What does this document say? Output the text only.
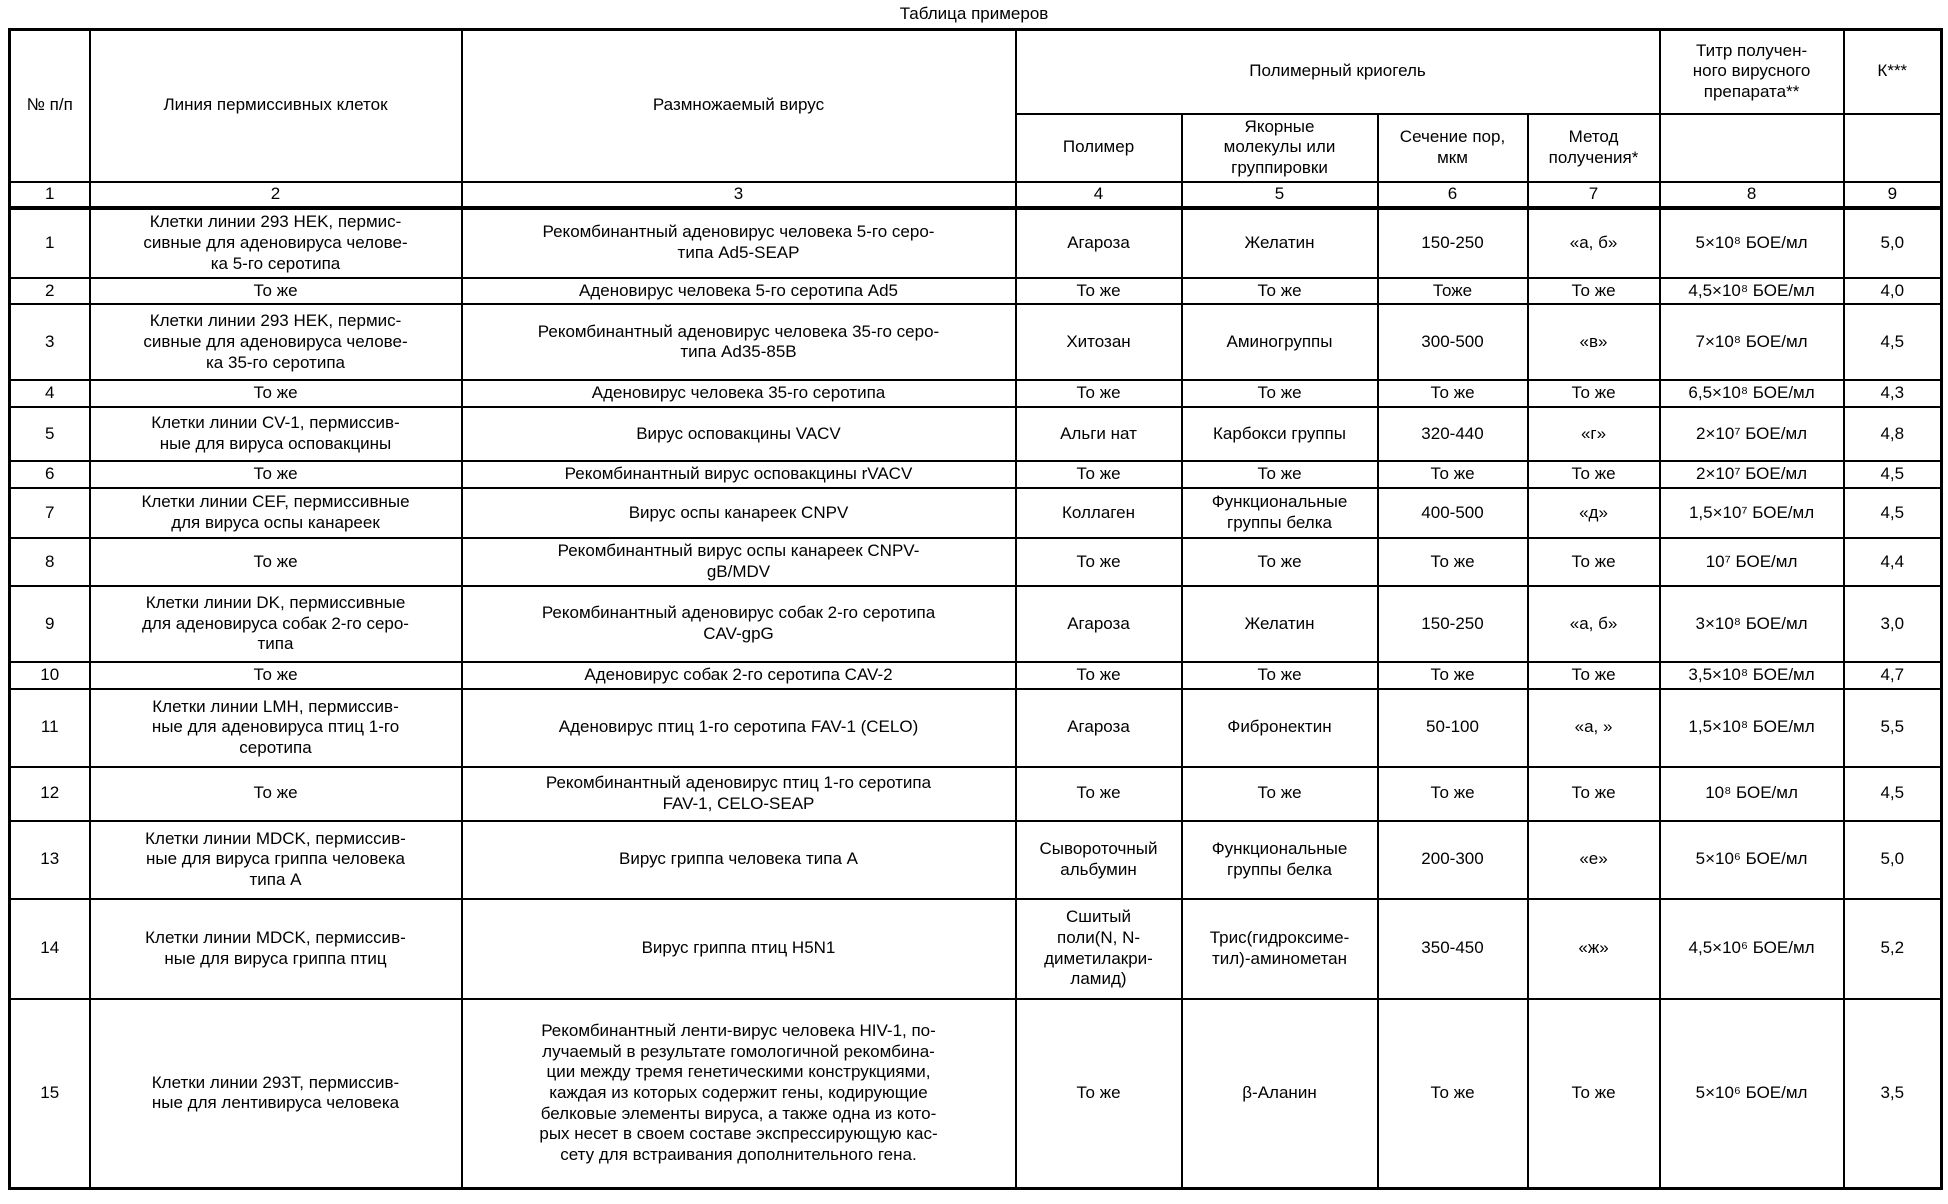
Таблица примеров
№ п/п	Линия пермиссивных клеток	Размножаемый вирус	Полимерный криогель				Титр получен-
ного вирусного
препарата**	К***
			Полимер	Якорные
молекулы или
группировки	Сечение пор,
мкм	Метод
получения*		
1	2	3	4	5	6	7	8	9
1	Клетки линии 293 HEK, пермис-
сивные для аденовируса челове-
ка 5-го серотипа	Рекомбинантный аденовирус человека 5-го серо-
типа Ad5-SEAP	Агароза	Желатин	150-250	«а, б»	5×10⁸ БОЕ/мл	5,0
2	То же	Аденовирус человека 5-го серотипа Ad5	То же	То же	Тоже	То же	4,5×10⁸ БОЕ/мл	4,0
3	Клетки линии 293 HEK, пермис-
сивные для аденовируса челове-
ка 35-го серотипа	Рекомбинантный аденовирус человека 35-го серо-
типа Ad35-85B	Хитозан	Аминогруппы	300-500	«в»	7×10⁸ БОЕ/мл	4,5
4	То же	Аденовирус человека 35-го серотипа	То же	То же	То же	То же	6,5×10⁸ БОЕ/мл	4,3
5	Клетки линии CV-1, пермиссив-
ные для вируса осповакцины	Вирус осповакцины VACV	Альги нат	Карбокси группы	320-440	«г»	2×10⁷ БОЕ/мл	4,8
6	То же	Рекомбинантный вирус осповакцины rVACV	То же	То же	То же	То же	2×10⁷ БОЕ/мл	4,5
7	Клетки линии CEF, пермиссивные
для вируса оспы канареек	Вирус оспы канареек CNPV	Коллаген	Функциональные
группы белка	400-500	«д»	1,5×10⁷ БОЕ/мл	4,5
8	То же	Рекомбинантный вирус оспы канареек CNPV-
gB/MDV	То же	То же	То же	То же	10⁷ БОЕ/мл	4,4
9	Клетки линии DK, пермиссивные
для аденовируса собак 2-го серо-
типа	Рекомбинантный аденовирус собак 2-го серотипа
CAV-gpG	Агароза	Желатин	150-250	«а, б»	3×10⁸ БОЕ/мл	3,0
10	То же	Аденовирус собак 2-го серотипа CAV-2	То же	То же	То же	То же	3,5×10⁸ БОЕ/мл	4,7
11	Клетки линии LMH, пермиссив-
ные для аденовируса птиц 1-го
серотипа	Аденовирус птиц 1-го серотипа FAV-1 (CELO)	Агароза	Фибронектин	50-100	«а, »	1,5×10⁸ БОЕ/мл	5,5
12	То же	Рекомбинантный аденовирус птиц 1-го серотипа
FAV-1, CELO-SEAP	То же	То же	То же	То же	10⁸ БОЕ/мл	4,5
13	Клетки линии MDCK, пермиссив-
ные для вируса гриппа человека
типа А	Вирус гриппа человека типа А	Сывороточный
альбумин	Функциональные
группы белка	200-300	«е»	5×10⁶ БОЕ/мл	5,0
14	Клетки линии MDCK, пермиссив-
ные для вируса гриппа птиц	Вирус гриппа птиц H5N1	Сшитый
поли(N, N-
диметилакри-
ламид)	Трис(гидроксиме-
тил)-аминометан	350-450	«ж»	4,5×10⁶ БОЕ/мл	5,2
15	Клетки линии 293T, пермиссив-
ные для лентивируса человека	Рекомбинантный ленти-вирус человека HIV-1, по-
лучаемый в результате гомологичной рекомбина-
ции между тремя генетическими конструкциями,
каждая из которых содержит гены, кодирующие
белковые элементы вируса, а также одна из кото-
рых несет в своем составе экспрессирующую кас-
сету для встраивания дополнительного гена.	То же	β-Аланин	То же	То же	5×10⁶ БОЕ/мл	3,5
